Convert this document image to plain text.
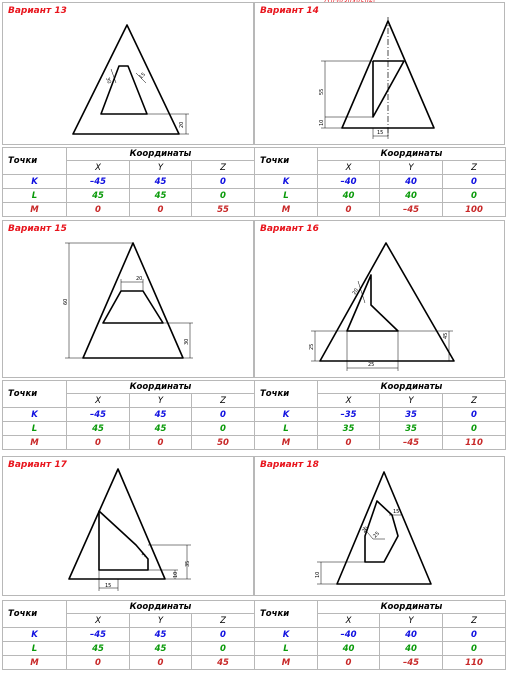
Вариант 13
30
15
20
Точки	Координаты		
	X	Y	Z
K	–45	45	0
L	45	45	0
M	0	0	55
Вариант 14
55
10
15
Точки	Координаты		
	X	Y	Z
K	–40	40	0
L	40	40	0
M	0	–45	100
Вариант 15
60
20
30
Точки	Координаты		
	X	Y	Z
K	–45	45	0
L	45	45	0
M	0	0	50
Вариант 16
25
45
25
20
Точки	Координаты		
	X	Y	Z
K	–35	35	0
L	35	35	0
M	0	–45	110
Вариант 17
35
10
15
5
Точки	Координаты		
	X	Y	Z
K	–45	45	0
L	45	45	0
M	0	0	45
Вариант 18
10
20
25
15
Точки	Координаты		
	X	Y	Z
K	–40	40	0
L	40	40	0
M	0	–45	110
